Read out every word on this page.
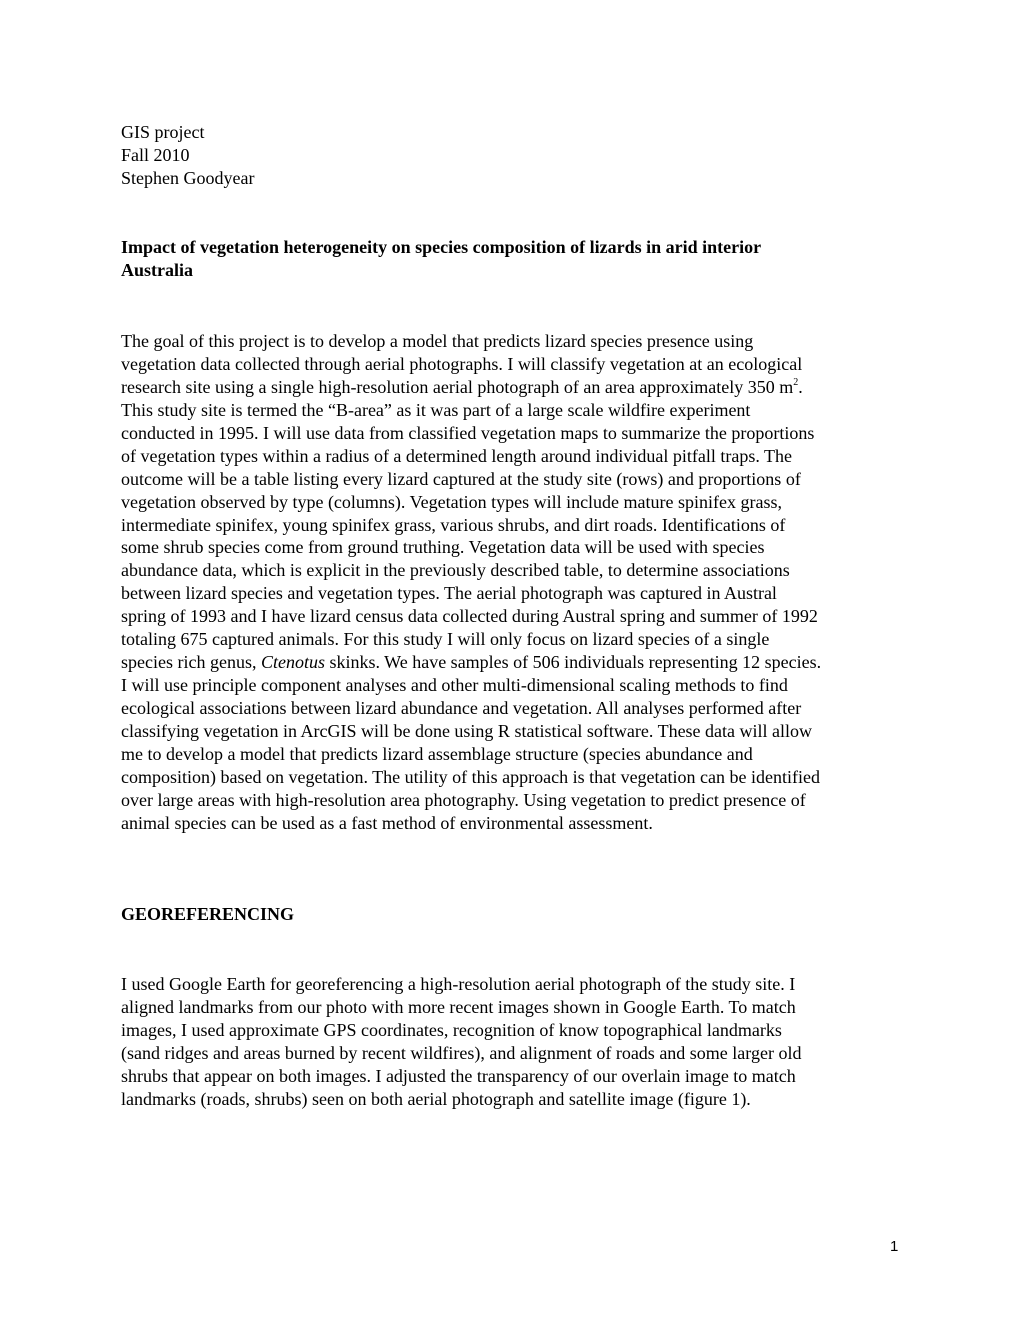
GIS project
Fall 2010
Stephen Goodyear
Impact of vegetation heterogeneity on species composition of lizards in arid interior
Australia
The goal of this project is to develop a model that predicts lizard species presence using
vegetation data collected through aerial photographs. I will classify vegetation at an ecological
research site using a single high-resolution aerial photograph of an area approximately 350 $m^2$.
This study site is termed the “B-area” as it was part of a large scale wildfire experiment
conducted in 1995. I will use data from classified vegetation maps to summarize the proportions
of vegetation types within a radius of a determined length around individual pitfall traps. The
outcome will be a table listing every lizard captured at the study site (rows) and proportions of
vegetation observed by type (columns). Vegetation types will include mature spinifex grass,
intermediate spinifex, young spinifex grass, various shrubs, and dirt roads. Identifications of
some shrub species come from ground truthing. Vegetation data will be used with species
abundance data, which is explicit in the previously described table, to determine associations
between lizard species and vegetation types. The aerial photograph was captured in Austral
spring of 1993 and I have lizard census data collected during Austral spring and summer of 1992
totaling 675 captured animals. For this study I will only focus on lizard species of a single
species rich genus, Ctenotus skinks. We have samples of 506 individuals representing 12 species.
I will use principle component analyses and other multi-dimensional scaling methods to find
ecological associations between lizard abundance and vegetation. All analyses performed after
classifying vegetation in ArcGIS will be done using R statistical software. These data will allow
me to develop a model that predicts lizard assemblage structure (species abundance and
composition) based on vegetation. The utility of this approach is that vegetation can be identified
over large areas with high-resolution area photography. Using vegetation to predict presence of
animal species can be used as a fast method of environmental assessment.
GEOREFERENCING
I used Google Earth for georeferencing a high-resolution aerial photograph of the study site. I
aligned landmarks from our photo with more recent images shown in Google Earth. To match
images, I used approximate GPS coordinates, recognition of know topographical landmarks
(sand ridges and areas burned by recent wildfires), and alignment of roads and some larger old
shrubs that appear on both images. I adjusted the transparency of our overlain image to match
landmarks (roads, shrubs) seen on both aerial photograph and satellite image (figure 1).
1
